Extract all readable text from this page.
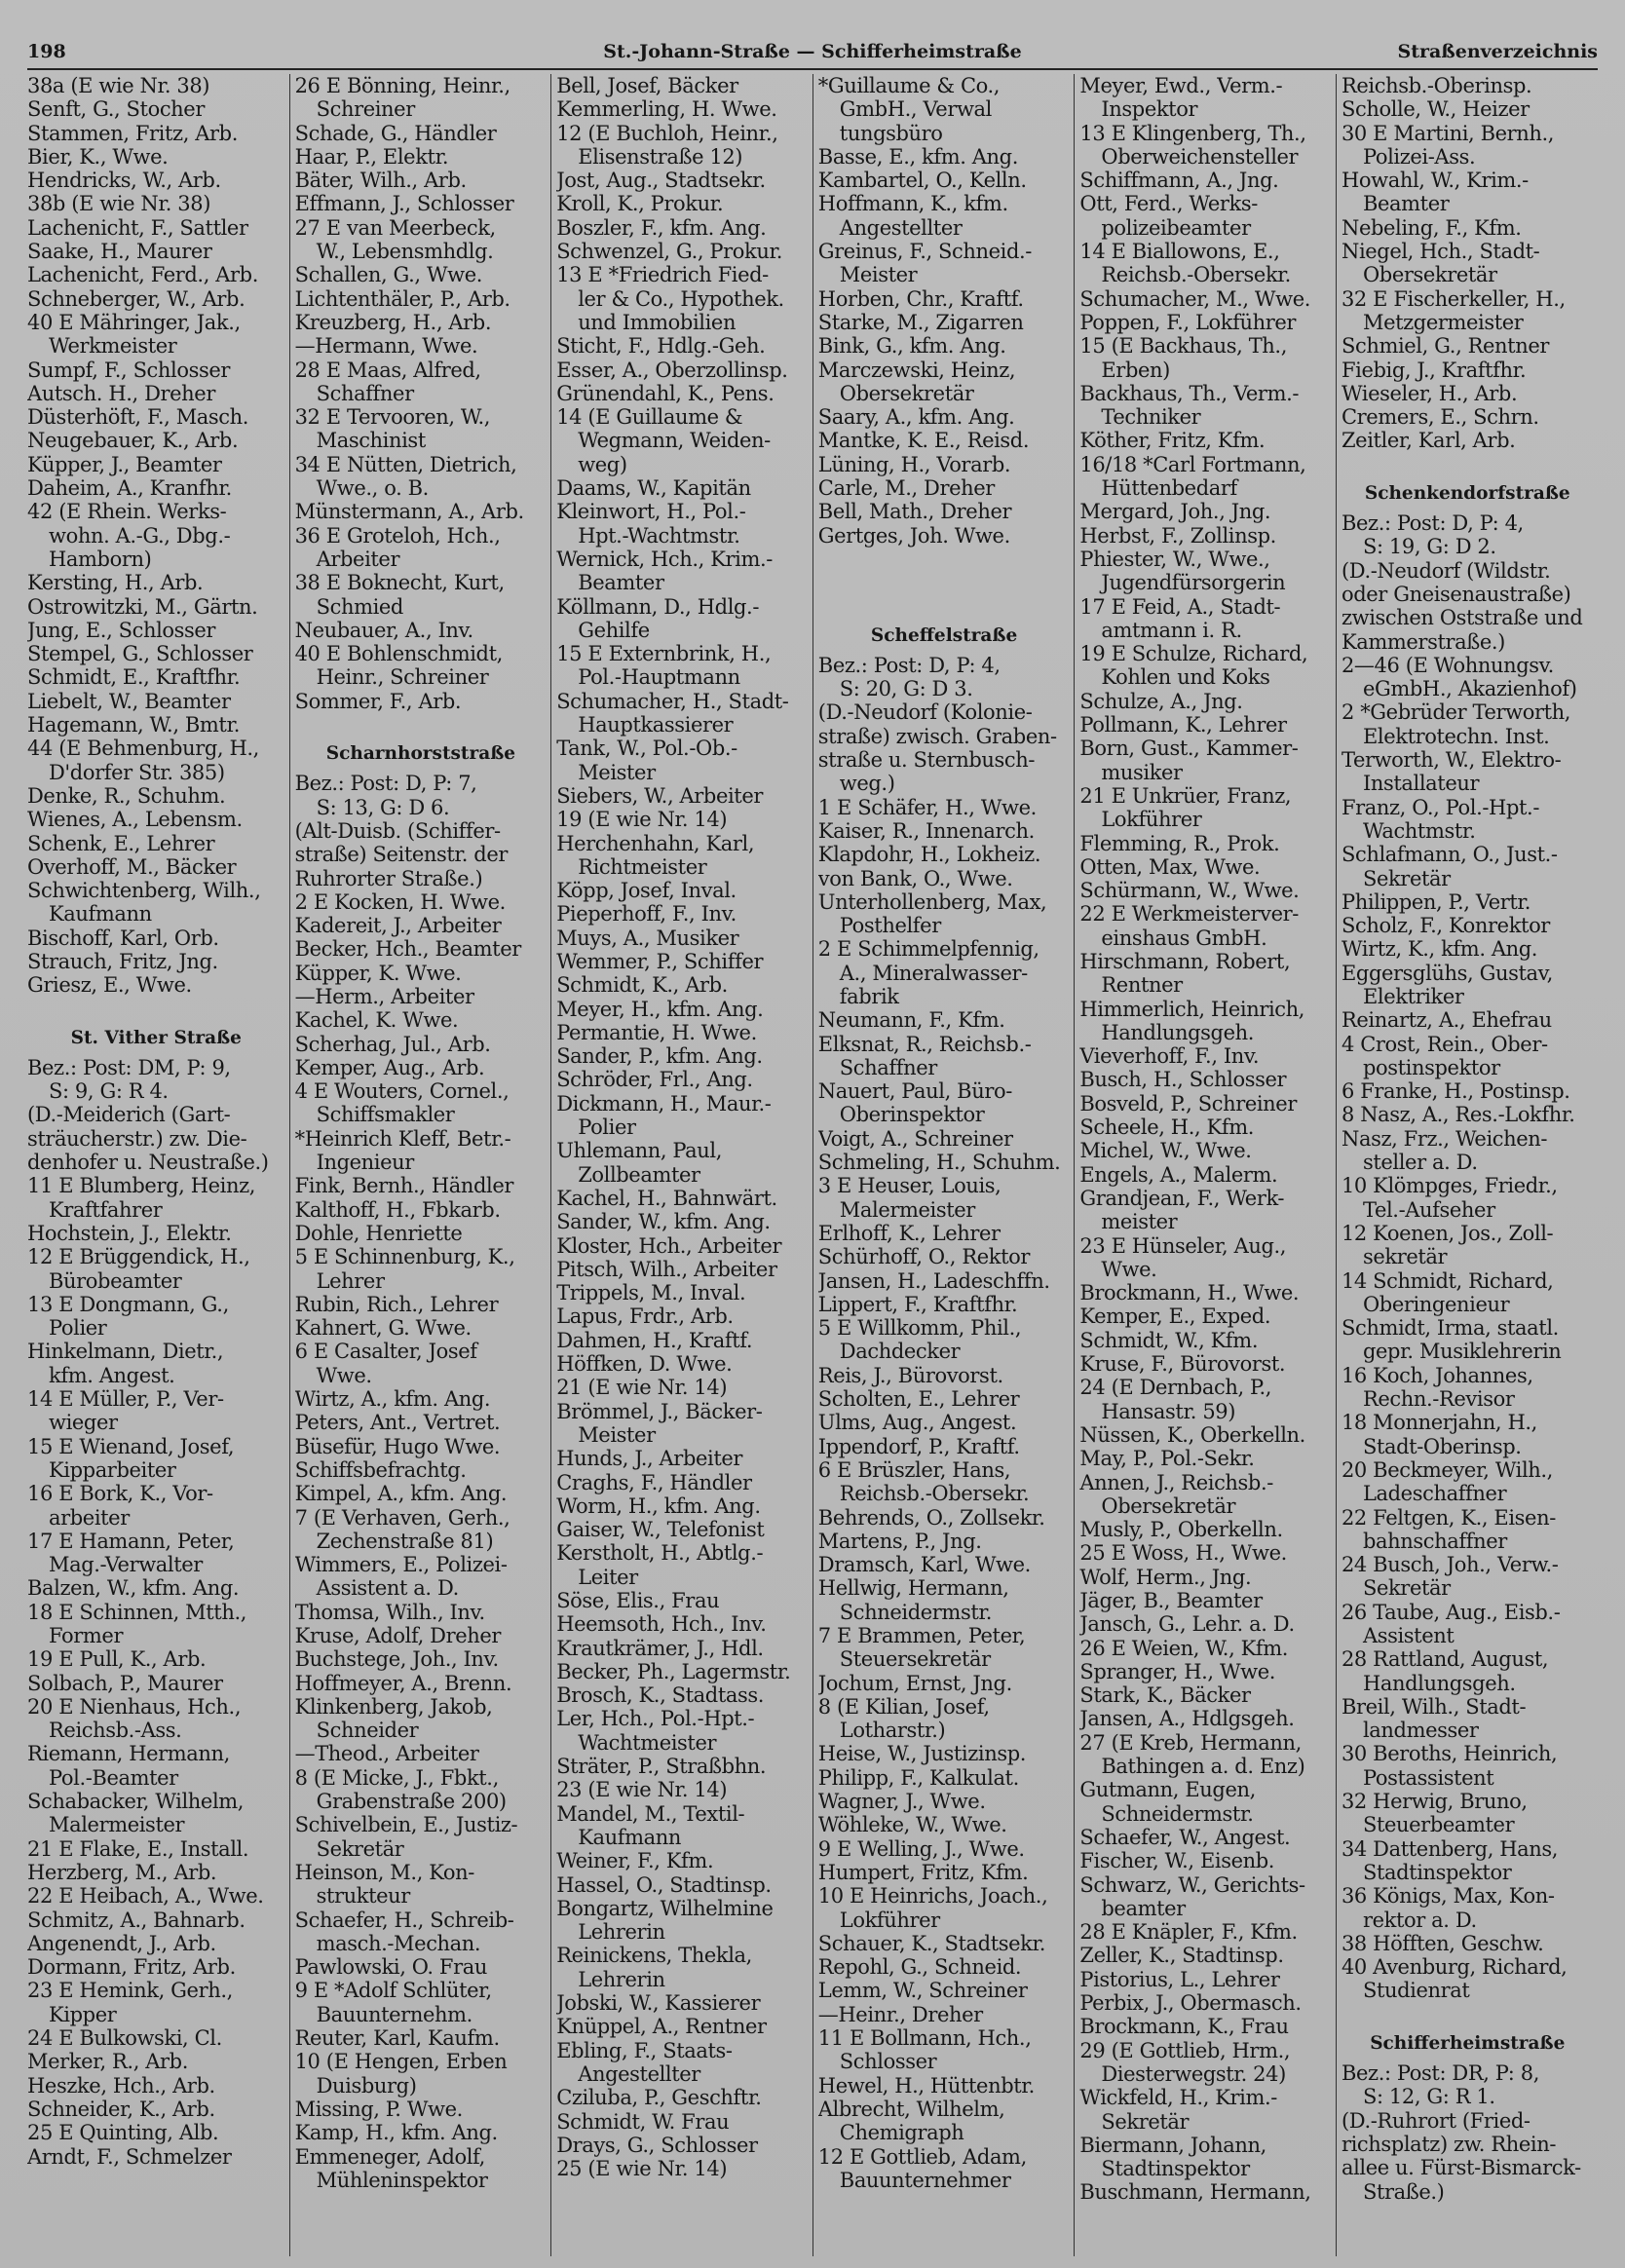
198	St.-Johann-Straße — Schifferheimstraße	Straßenverzeichnis
38a (E wie Nr. 38)
Senft, G., Stocher
Stammen, Fritz, Arb.
Bier, K., Wwe.
Hendricks, W., Arb.
38b (E wie Nr. 38)
Lachenicht, F., Sattler
Saake, H., Maurer
Lachenicht, Ferd., Arb.
Schneberger, W., Arb.
40 E Mähringer, Jak.,
Werkmeister
Sumpf, F., Schlosser
Autsch. H., Dreher
Düsterhöft, F., Masch.
Neugebauer, K., Arb.
Küpper, J., Beamter
Daheim, A., Kranfhr.
42 (E Rhein. Werks-
wohn. A.-G., Dbg.-
Hamborn)
Kersting, H., Arb.
Ostrowitzki, M., Gärtn.
Jung, E., Schlosser
Stempel, G., Schlosser
Schmidt, E., Kraftfhr.
Liebelt, W., Beamter
Hagemann, W., Bmtr.
44 (E Behmenburg, H.,
D'dorfer Str. 385)
Denke, R., Schuhm.
Wienes, A., Lebensm.
Schenk, E., Lehrer
Overhoff, M., Bäcker
Schwichtenberg, Wilh.,
Kaufmann
Bischoff, Karl, Orb.
Strauch, Fritz, Jng.
Griesz, E., Wwe.
St. Vither Straße
Bez.: Post: DM, P: 9,
S: 9, G: R 4.
(D.-Meiderich (Gart-
sträucherstr.) zw. Die-
denhofer u. Neustraße.)
11 E Blumberg, Heinz,
Kraftfahrer
Hochstein, J., Elektr.
12 E Brüggendick, H.,
Bürobeamter
13 E Dongmann, G.,
Polier
Hinkelmann, Dietr.,
kfm. Angest.
14 E Müller, P., Ver-
wieger
15 E Wienand, Josef,
Kipparbeiter
16 E Bork, K., Vor-
arbeiter
17 E Hamann, Peter,
Mag.-Verwalter
Balzen, W., kfm. Ang.
18 E Schinnen, Mtth.,
Former
19 E Pull, K., Arb.
Solbach, P., Maurer
20 E Nienhaus, Hch.,
Reichsb.-Ass.
Riemann, Hermann,
Pol.-Beamter
Schabacker, Wilhelm,
Malermeister
21 E Flake, E., Install.
Herzberg, M., Arb.
22 E Heibach, A., Wwe.
Schmitz, A., Bahnarb.
Angenendt, J., Arb.
Dormann, Fritz, Arb.
23 E Hemink, Gerh.,
Kipper
24 E Bulkowski, Cl.
Merker, R., Arb.
Heszke, Hch., Arb.
Schneider, K., Arb.
25 E Quinting, Alb.
Arndt, F., Schmelzer
26 E Bönning, Heinr.,
Schreiner
Schade, G., Händler
Haar, P., Elektr.
Bäter, Wilh., Arb.
Effmann, J., Schlosser
27 E van Meerbeck,
W., Lebensmhdlg.
Schallen, G., Wwe.
Lichtenthäler, P., Arb.
Kreuzberg, H., Arb.
—Hermann, Wwe.
28 E Maas, Alfred,
Schaffner
32 E Tervooren, W.,
Maschinist
34 E Nütten, Dietrich,
Wwe., o. B.
Münstermann, A., Arb.
36 E Groteloh, Hch.,
Arbeiter
38 E Boknecht, Kurt,
Schmied
Neubauer, A., Inv.
40 E Bohlenschmidt,
Heinr., Schreiner
Sommer, F., Arb.
Scharnhorststraße
Bez.: Post: D, P: 7,
S: 13, G: D 6.
(Alt-Duisb. (Schiffer-
straße) Seitenstr. der
Ruhrorter Straße.)
2 E Kocken, H. Wwe.
Kadereit, J., Arbeiter
Becker, Hch., Beamter
Küpper, K. Wwe.
—Herm., Arbeiter
Kachel, K. Wwe.
Scherhag, Jul., Arb.
Kemper, Aug., Arb.
4 E Wouters, Cornel.,
Schiffsmakler
*Heinrich Kleff, Betr.-
Ingenieur
Fink, Bernh., Händler
Kalthoff, H., Fbkarb.
Dohle, Henriette
5 E Schinnenburg, K.,
Lehrer
Rubin, Rich., Lehrer
Kahnert, G. Wwe.
6 E Casalter, Josef
Wwe.
Wirtz, A., kfm. Ang.
Peters, Ant., Vertret.
Büsefür, Hugo Wwe.
Schiffsbefrachtg.
Kimpel, A., kfm. Ang.
7 (E Verhaven, Gerh.,
Zechenstraße 81)
Wimmers, E., Polizei-
Assistent a. D.
Thomsa, Wilh., Inv.
Kruse, Adolf, Dreher
Buchstege, Joh., Inv.
Hoffmeyer, A., Brenn.
Klinkenberg, Jakob,
Schneider
—Theod., Arbeiter
8 (E Micke, J., Fbkt.,
Grabenstraße 200)
Schivelbein, E., Justiz-
Sekretär
Heinson, M., Kon-
strukteur
Schaefer, H., Schreib-
masch.-Mechan.
Pawlowski, O. Frau
9 E *Adolf Schlüter,
Bauunternehm.
Reuter, Karl, Kaufm.
10 (E Hengen, Erben
Duisburg)
Missing, P. Wwe.
Kamp, H., kfm. Ang.
Emmeneger, Adolf,
Mühleninspektor
Bell, Josef, Bäcker
Kemmerling, H. Wwe.
12 (E Buchloh, Heinr.,
Elisenstraße 12)
Jost, Aug., Stadtsekr.
Kroll, K., Prokur.
Boszler, F., kfm. Ang.
Schwenzel, G., Prokur.
13 E *Friedrich Fied-
ler & Co., Hypothek.
und Immobilien
Sticht, F., Hdlg.-Geh.
Esser, A., Oberzollinsp.
Grünendahl, K., Pens.
14 (E Guillaume &
Wegmann, Weiden-
weg)
Daams, W., Kapitän
Kleinwort, H., Pol.-
Hpt.-Wachtmstr.
Wernick, Hch., Krim.-
Beamter
Köllmann, D., Hdlg.-
Gehilfe
15 E Externbrink, H.,
Pol.-Hauptmann
Schumacher, H., Stadt-
Hauptkassierer
Tank, W., Pol.-Ob.-
Meister
Siebers, W., Arbeiter
19 (E wie Nr. 14)
Herchenhahn, Karl,
Richtmeister
Köpp, Josef, Inval.
Pieperhoff, F., Inv.
Muys, A., Musiker
Wemmer, P., Schiffer
Schmidt, K., Arb.
Meyer, H., kfm. Ang.
Permantie, H. Wwe.
Sander, P., kfm. Ang.
Schröder, Frl., Ang.
Dickmann, H., Maur.-
Polier
Uhlemann, Paul,
Zollbeamter
Kachel, H., Bahnwärt.
Sander, W., kfm. Ang.
Kloster, Hch., Arbeiter
Pitsch, Wilh., Arbeiter
Trippels, M., Inval.
Lapus, Frdr., Arb.
Dahmen, H., Kraftf.
Höffken, D. Wwe.
21 (E wie Nr. 14)
Brömmel, J., Bäcker-
Meister
Hunds, J., Arbeiter
Craghs, F., Händler
Worm, H., kfm. Ang.
Gaiser, W., Telefonist
Kerstholt, H., Abtlg.-
Leiter
Söse, Elis., Frau
Heemsoth, Hch., Inv.
Krautkrämer, J., Hdl.
Becker, Ph., Lagermstr.
Brosch, K., Stadtass.
Ler, Hch., Pol.-Hpt.-
Wachtmeister
Sträter, P., Straßbhn.
23 (E wie Nr. 14)
Mandel, M., Textil-
Kaufmann
Weiner, F., Kfm.
Hassel, O., Stadtinsp.
Bongartz, Wilhelmine
Lehrerin
Reinickens, Thekla,
Lehrerin
Jobski, W., Kassierer
Knüppel, A., Rentner
Ebling, F., Staats-
Angestellter
Cziluba, P., Geschftr.
Schmidt, W. Frau
Drays, G., Schlosser
25 (E wie Nr. 14)
*Guillaume & Co.,
GmbH., Verwal
tungsbüro
Basse, E., kfm. Ang.
Kambartel, O., Kelln.
Hoffmann, K., kfm.
Angestellter
Greinus, F., Schneid.-
Meister
Horben, Chr., Kraftf.
Starke, M., Zigarren
Bink, G., kfm. Ang.
Marczewski, Heinz,
Obersekretär
Saary, A., kfm. Ang.
Mantke, K. E., Reisd.
Lüning, H., Vorarb.
Carle, M., Dreher
Bell, Math., Dreher
Gertges, Joh. Wwe.
Scheffelstraße
Bez.: Post: D, P: 4,
S: 20, G: D 3.
(D.-Neudorf (Kolonie-
straße) zwisch. Graben-
straße u. Sternbusch-
weg.)
1 E Schäfer, H., Wwe.
Kaiser, R., Innenarch.
Klapdohr, H., Lokheiz.
von Bank, O., Wwe.
Unterhollenberg, Max,
Posthelfer
2 E Schimmelpfennig,
A., Mineralwasser-
fabrik
Neumann, F., Kfm.
Elksnat, R., Reichsb.-
Schaffner
Nauert, Paul, Büro-
Oberinspektor
Voigt, A., Schreiner
Schmeling, H., Schuhm.
3 E Heuser, Louis,
Malermeister
Erlhoff, K., Lehrer
Schürhoff, O., Rektor
Jansen, H., Ladeschffn.
Lippert, F., Kraftfhr.
5 E Willkomm, Phil.,
Dachdecker
Reis, J., Bürovorst.
Scholten, E., Lehrer
Ulms, Aug., Angest.
Ippendorf, P., Kraftf.
6 E Brüszler, Hans,
Reichsb.-Obersekr.
Behrends, O., Zollsekr.
Martens, P., Jng.
Dramsch, Karl, Wwe.
Hellwig, Hermann,
Schneidermstr.
7 E Brammen, Peter,
Steuersekretär
Jochum, Ernst, Jng.
8 (E Kilian, Josef,
Lotharstr.)
Heise, W., Justizinsp.
Philipp, F., Kalkulat.
Wagner, J., Wwe.
Wöhleke, W., Wwe.
9 E Welling, J., Wwe.
Humpert, Fritz, Kfm.
10 E Heinrichs, Joach.,
Lokführer
Schauer, K., Stadtsekr.
Repohl, G., Schneid.
Lemm, W., Schreiner
—Heinr., Dreher
11 E Bollmann, Hch.,
Schlosser
Hewel, H., Hüttenbtr.
Albrecht, Wilhelm,
Chemigraph
12 E Gottlieb, Adam,
Bauunternehmer
Meyer, Ewd., Verm.-
Inspektor
13 E Klingenberg, Th.,
Oberweichensteller
Schiffmann, A., Jng.
Ott, Ferd., Werks-
polizeibeamter
14 E Biallowons, E.,
Reichsb.-Obersekr.
Schumacher, M., Wwe.
Poppen, F., Lokführer
15 (E Backhaus, Th.,
Erben)
Backhaus, Th., Verm.-
Techniker
Köther, Fritz, Kfm.
16/18 *Carl Fortmann,
Hüttenbedarf
Mergard, Joh., Jng.
Herbst, F., Zollinsp.
Phiester, W., Wwe.,
Jugendfürsorgerin
17 E Feid, A., Stadt-
amtmann i. R.
19 E Schulze, Richard,
Kohlen und Koks
Schulze, A., Jng.
Pollmann, K., Lehrer
Born, Gust., Kammer-
musiker
21 E Unkrüer, Franz,
Lokführer
Flemming, R., Prok.
Otten, Max, Wwe.
Schürmann, W., Wwe.
22 E Werkmeisterver-
einshaus GmbH.
Hirschmann, Robert,
Rentner
Himmerlich, Heinrich,
Handlungsgeh.
Vieverhoff, F., Inv.
Busch, H., Schlosser
Bosveld, P., Schreiner
Scheele, H., Kfm.
Michel, W., Wwe.
Engels, A., Malerm.
Grandjean, F., Werk-
meister
23 E Hünseler, Aug.,
Wwe.
Brockmann, H., Wwe.
Kemper, E., Exped.
Schmidt, W., Kfm.
Kruse, F., Bürovorst.
24 (E Dernbach, P.,
Hansastr. 59)
Nüssen, K., Oberkelln.
May, P., Pol.-Sekr.
Annen, J., Reichsb.-
Obersekretär
Musly, P., Oberkelln.
25 E Woss, H., Wwe.
Wolf, Herm., Jng.
Jäger, B., Beamter
Jansch, G., Lehr. a. D.
26 E Weien, W., Kfm.
Spranger, H., Wwe.
Stark, K., Bäcker
Jansen, A., Hdlgsgeh.
27 (E Kreb, Hermann,
Bathingen a. d. Enz)
Gutmann, Eugen,
Schneidermstr.
Schaefer, W., Angest.
Fischer, W., Eisenb.
Schwarz, W., Gerichts-
beamter
28 E Knäpler, F., Kfm.
Zeller, K., Stadtinsp.
Pistorius, L., Lehrer
Perbix, J., Obermasch.
Brockmann, K., Frau
29 (E Gottlieb, Hrm.,
Diesterwegstr. 24)
Wickfeld, H., Krim.-
Sekretär
Biermann, Johann,
Stadtinspektor
Buschmann, Hermann,
Reichsb.-Oberinsp.
Scholle, W., Heizer
30 E Martini, Bernh.,
Polizei-Ass.
Howahl, W., Krim.-
Beamter
Nebeling, F., Kfm.
Niegel, Hch., Stadt-
Obersekretär
32 E Fischerkeller, H.,
Metzgermeister
Schmiel, G., Rentner
Fiebig, J., Kraftfhr.
Wieseler, H., Arb.
Cremers, E., Schrn.
Zeitler, Karl, Arb.
Schenkendorfstraße
Bez.: Post: D, P: 4,
S: 19, G: D 2.
(D.-Neudorf (Wildstr.
oder Gneisenaustraße)
zwischen Oststraße und
Kammerstraße.)
2—46 (E Wohnungsv.
eGmbH., Akazienhof)
2 *Gebrüder Terworth,
Elektrotechn. Inst.
Terworth, W., Elektro-
Installateur
Franz, O., Pol.-Hpt.-
Wachtmstr.
Schlafmann, O., Just.-
Sekretär
Philippen, P., Vertr.
Scholz, F., Konrektor
Wirtz, K., kfm. Ang.
Eggersglühs, Gustav,
Elektriker
Reinartz, A., Ehefrau
4 Crost, Rein., Ober-
postinspektor
6 Franke, H., Postinsp.
8 Nasz, A., Res.-Lokfhr.
Nasz, Frz., Weichen-
steller a. D.
10 Klömpges, Friedr.,
Tel.-Aufseher
12 Koenen, Jos., Zoll-
sekretär
14 Schmidt, Richard,
Oberingenieur
Schmidt, Irma, staatl.
gepr. Musiklehrerin
16 Koch, Johannes,
Rechn.-Revisor
18 Monnerjahn, H.,
Stadt-Oberinsp.
20 Beckmeyer, Wilh.,
Ladeschaffner
22 Feltgen, K., Eisen-
bahnschaffner
24 Busch, Joh., Verw.-
Sekretär
26 Taube, Aug., Eisb.-
Assistent
28 Rattland, August,
Handlungsgeh.
Breil, Wilh., Stadt-
landmesser
30 Beroths, Heinrich,
Postassistent
32 Herwig, Bruno,
Steuerbeamter
34 Dattenberg, Hans,
Stadtinspektor
36 Königs, Max, Kon-
rektor a. D.
38 Höfften, Geschw.
40 Avenburg, Richard,
Studienrat
Schifferheimstraße
Bez.: Post: DR, P: 8,
S: 12, G: R 1.
(D.-Ruhrort (Fried-
richsplatz) zw. Rhein-
allee u. Fürst-Bismarck-
Straße.)
